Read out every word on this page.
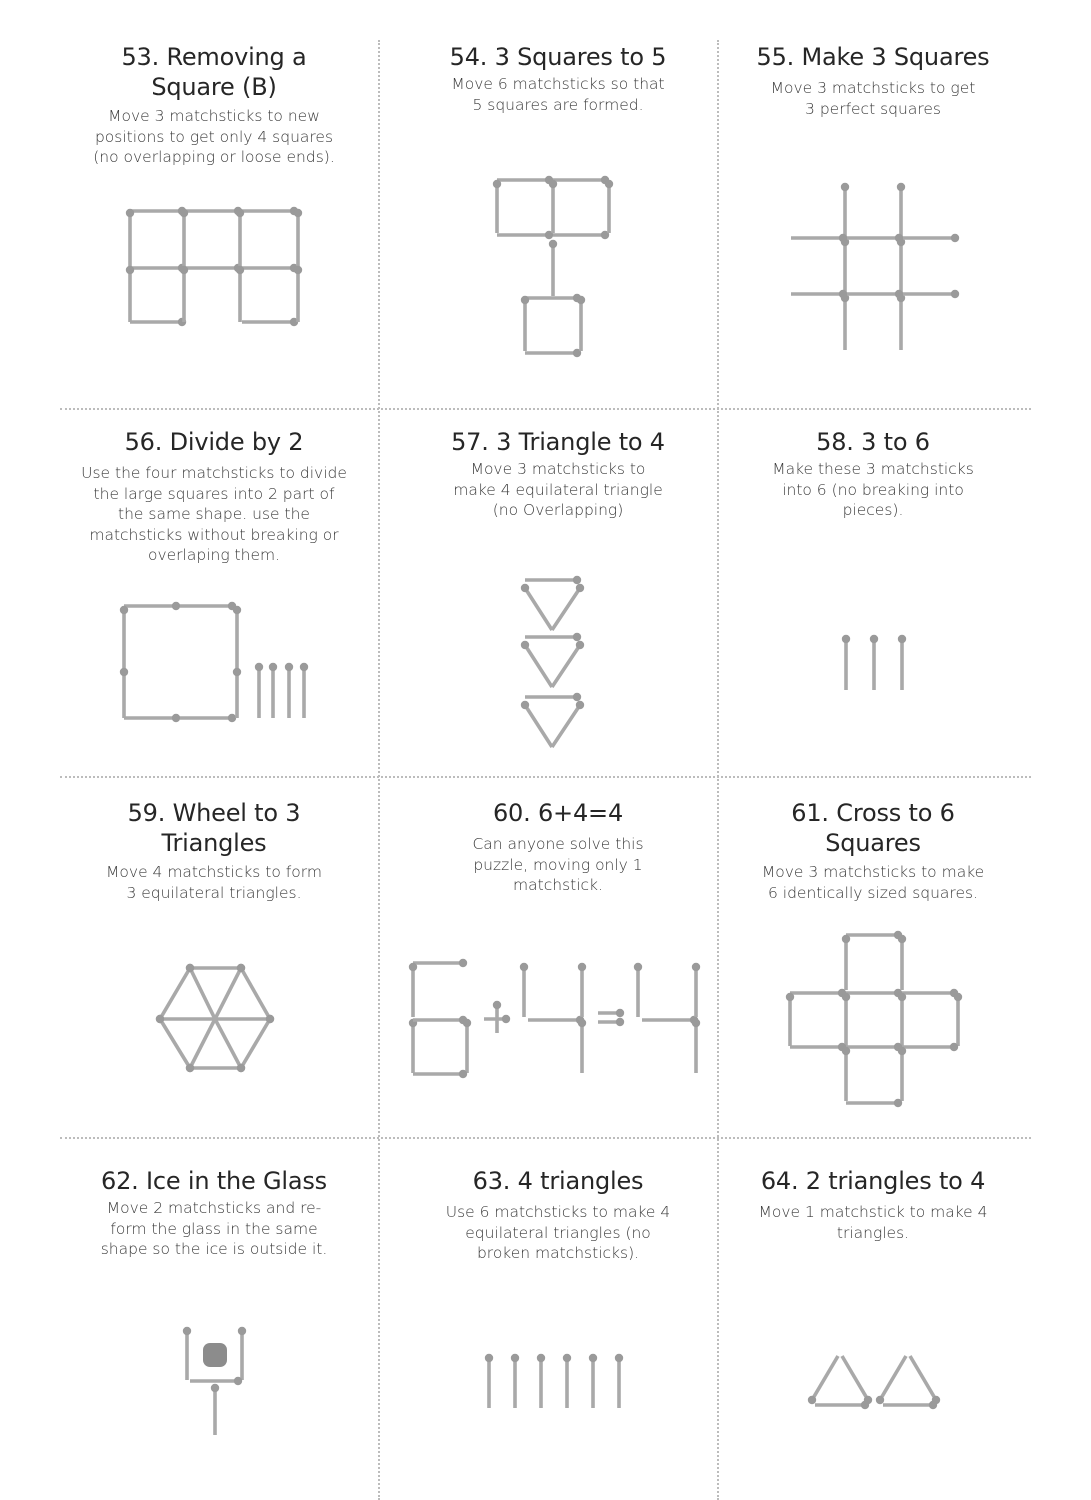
53. Removing a Square (B)

Move 3 matchsticks to new positions to get only 4 squares (no overlapping or loose ends).

54. 3 Squares to 5

Move 6 matchsticks so that 5 squares are formed.

55. Make 3 Squares

Move 3 matchsticks to get 3 perfect squares

56. Divide by 2

Use the four matchsticks to divide the large squares into 2 part of the same shape. use the matchsticks without breaking or overlaping them.

57. 3 Triangle to 4

Move 3 matchsticks to make 4 equilateral triangle (no Overlapping)

58. 3 to 6

Make these 3 matchsticks into 6 (no breaking into pieces).

59. Wheel to 3 Triangles

Move 4 matchsticks to form 3 equilateral triangles.

60. 6+4=4

Can anyone solve this puzzle, moving only 1 matchstick.

61. Cross to 6 Squares

Move 3 matchsticks to make 6 identically sized squares.

62. Ice in the Glass

Move 2 matchsticks and re-form the glass in the same shape so the ice is outside it.

63. 4 triangles

Use 6 matchsticks to make 4 equilateral triangles (no broken matchsticks).

64. 2 triangles to 4

Move 1 matchstick to make 4 triangles.
